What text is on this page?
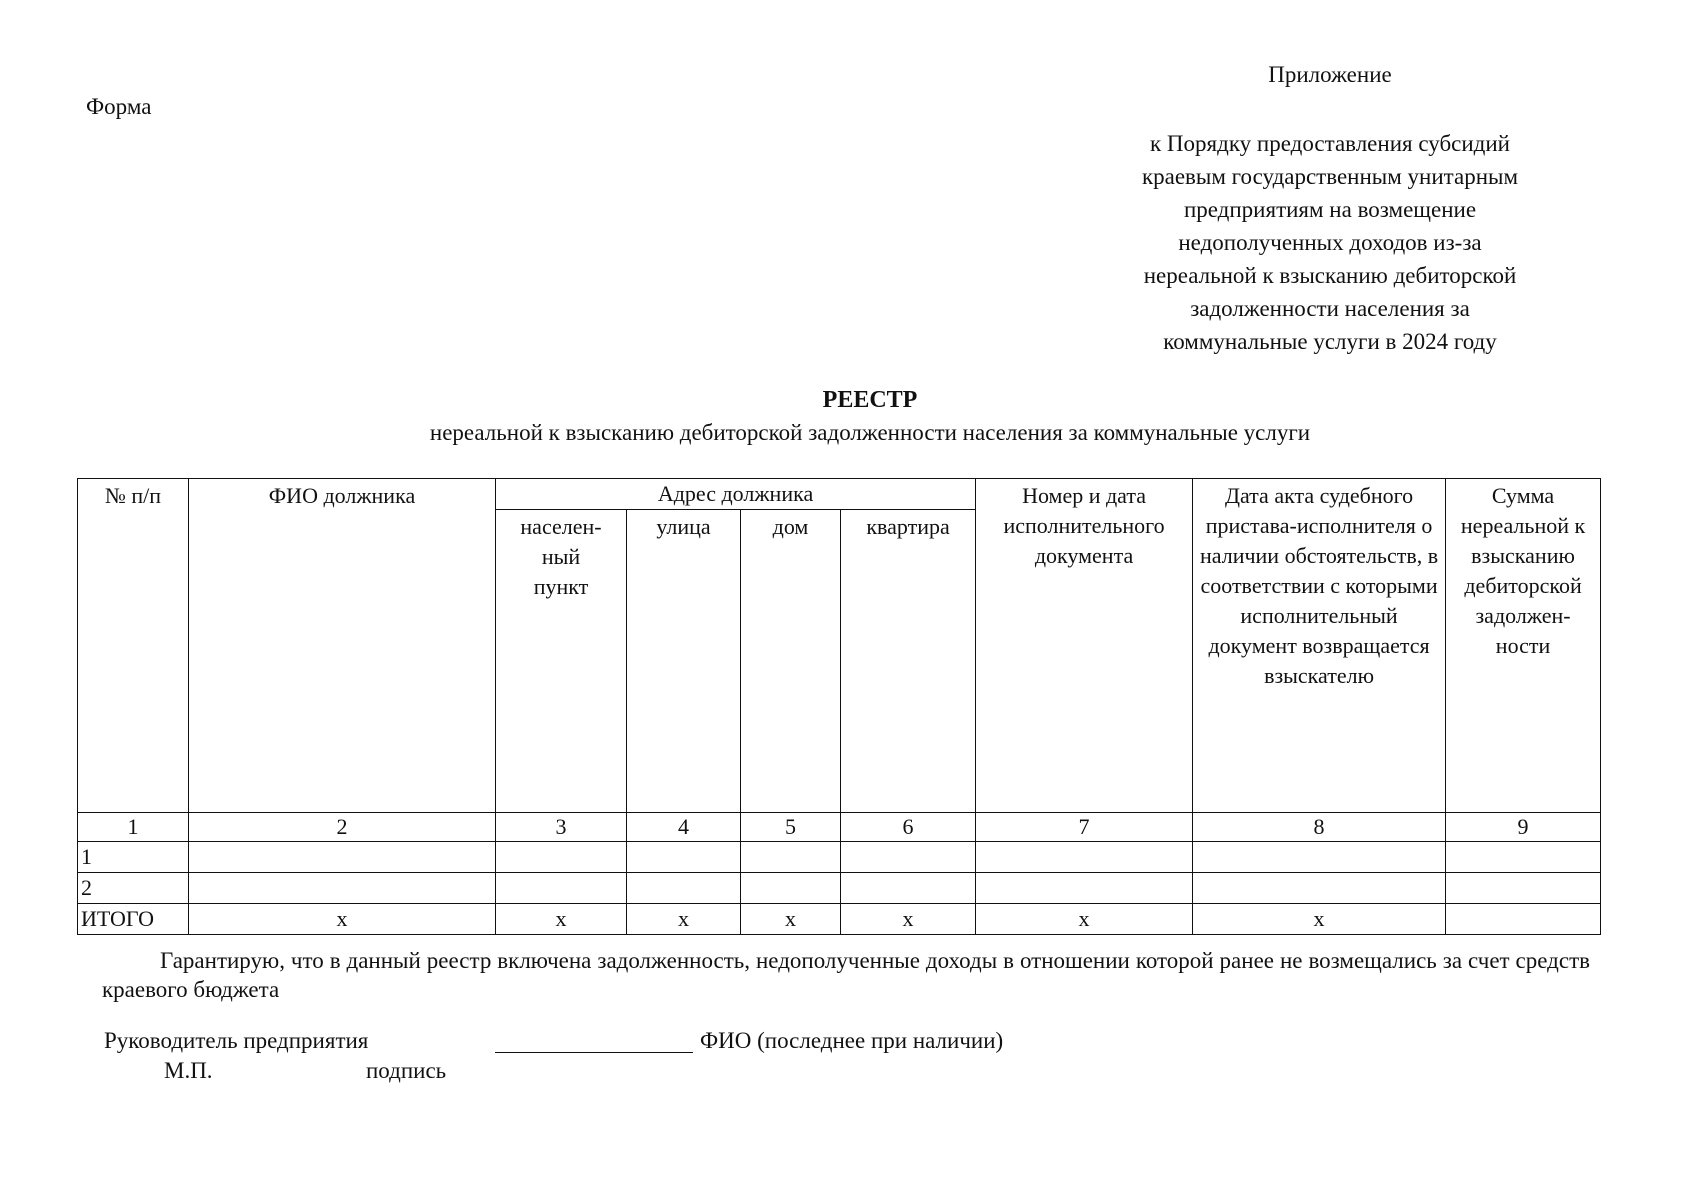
Форма
Приложение
к Порядку предоставления субсидий
краевым государственным унитарным
предприятиям на возмещение
недополученных доходов из-за
нереальной к взысканию дебиторской
задолженности населения за
коммунальные услуги в 2024 году
РЕЕСТР
нереальной к взысканию дебиторской задолженности населения за коммунальные услуги
№ п/п	ФИО должника	Адрес должника				Номер и дата исполнительного документа	Дата акта судебного пристава-исполнителя о наличии обстоятельств, в соответствии с которыми исполнительный документ возвращается взыскателю	Сумма нереальной к взысканию дебиторской задолжен-ности
		населен-
ный
пункт	улица	дом	квартира			
1	2	3	4	5	6	7	8	9
1								
2								
ИТОГО	х	х	х	х	х	х	х	
Гарантирую, что в данный реестр включена задолженность, недополученные доходы в отношении которой ранее не возмещались за счет средств краевого бюджета
Руководитель предприятия	ФИО (последнее при наличии)
М.П.	подпись
